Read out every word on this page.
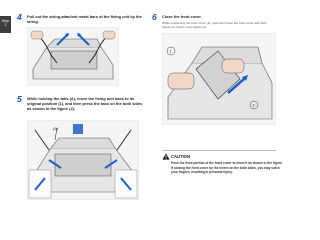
Step
2
4 Pull out the string-attached metal bars of the fixing unit by the string.
5 While holding the tabs (A), move the fixing unit back to its original position (1), and then press the tabs on the both sides as shown in the figure (2).
(A)
6 Close the front cover.
While supporting the front cover (1), push and close the front cover with both hands as shown in the figure (2).
1
2
CAUTION
Push the front portion of the front cover to close it as shown in the figure. If closing the front cover by the levers on the both sides, you may catch your fingers, resulting in personal injury.
